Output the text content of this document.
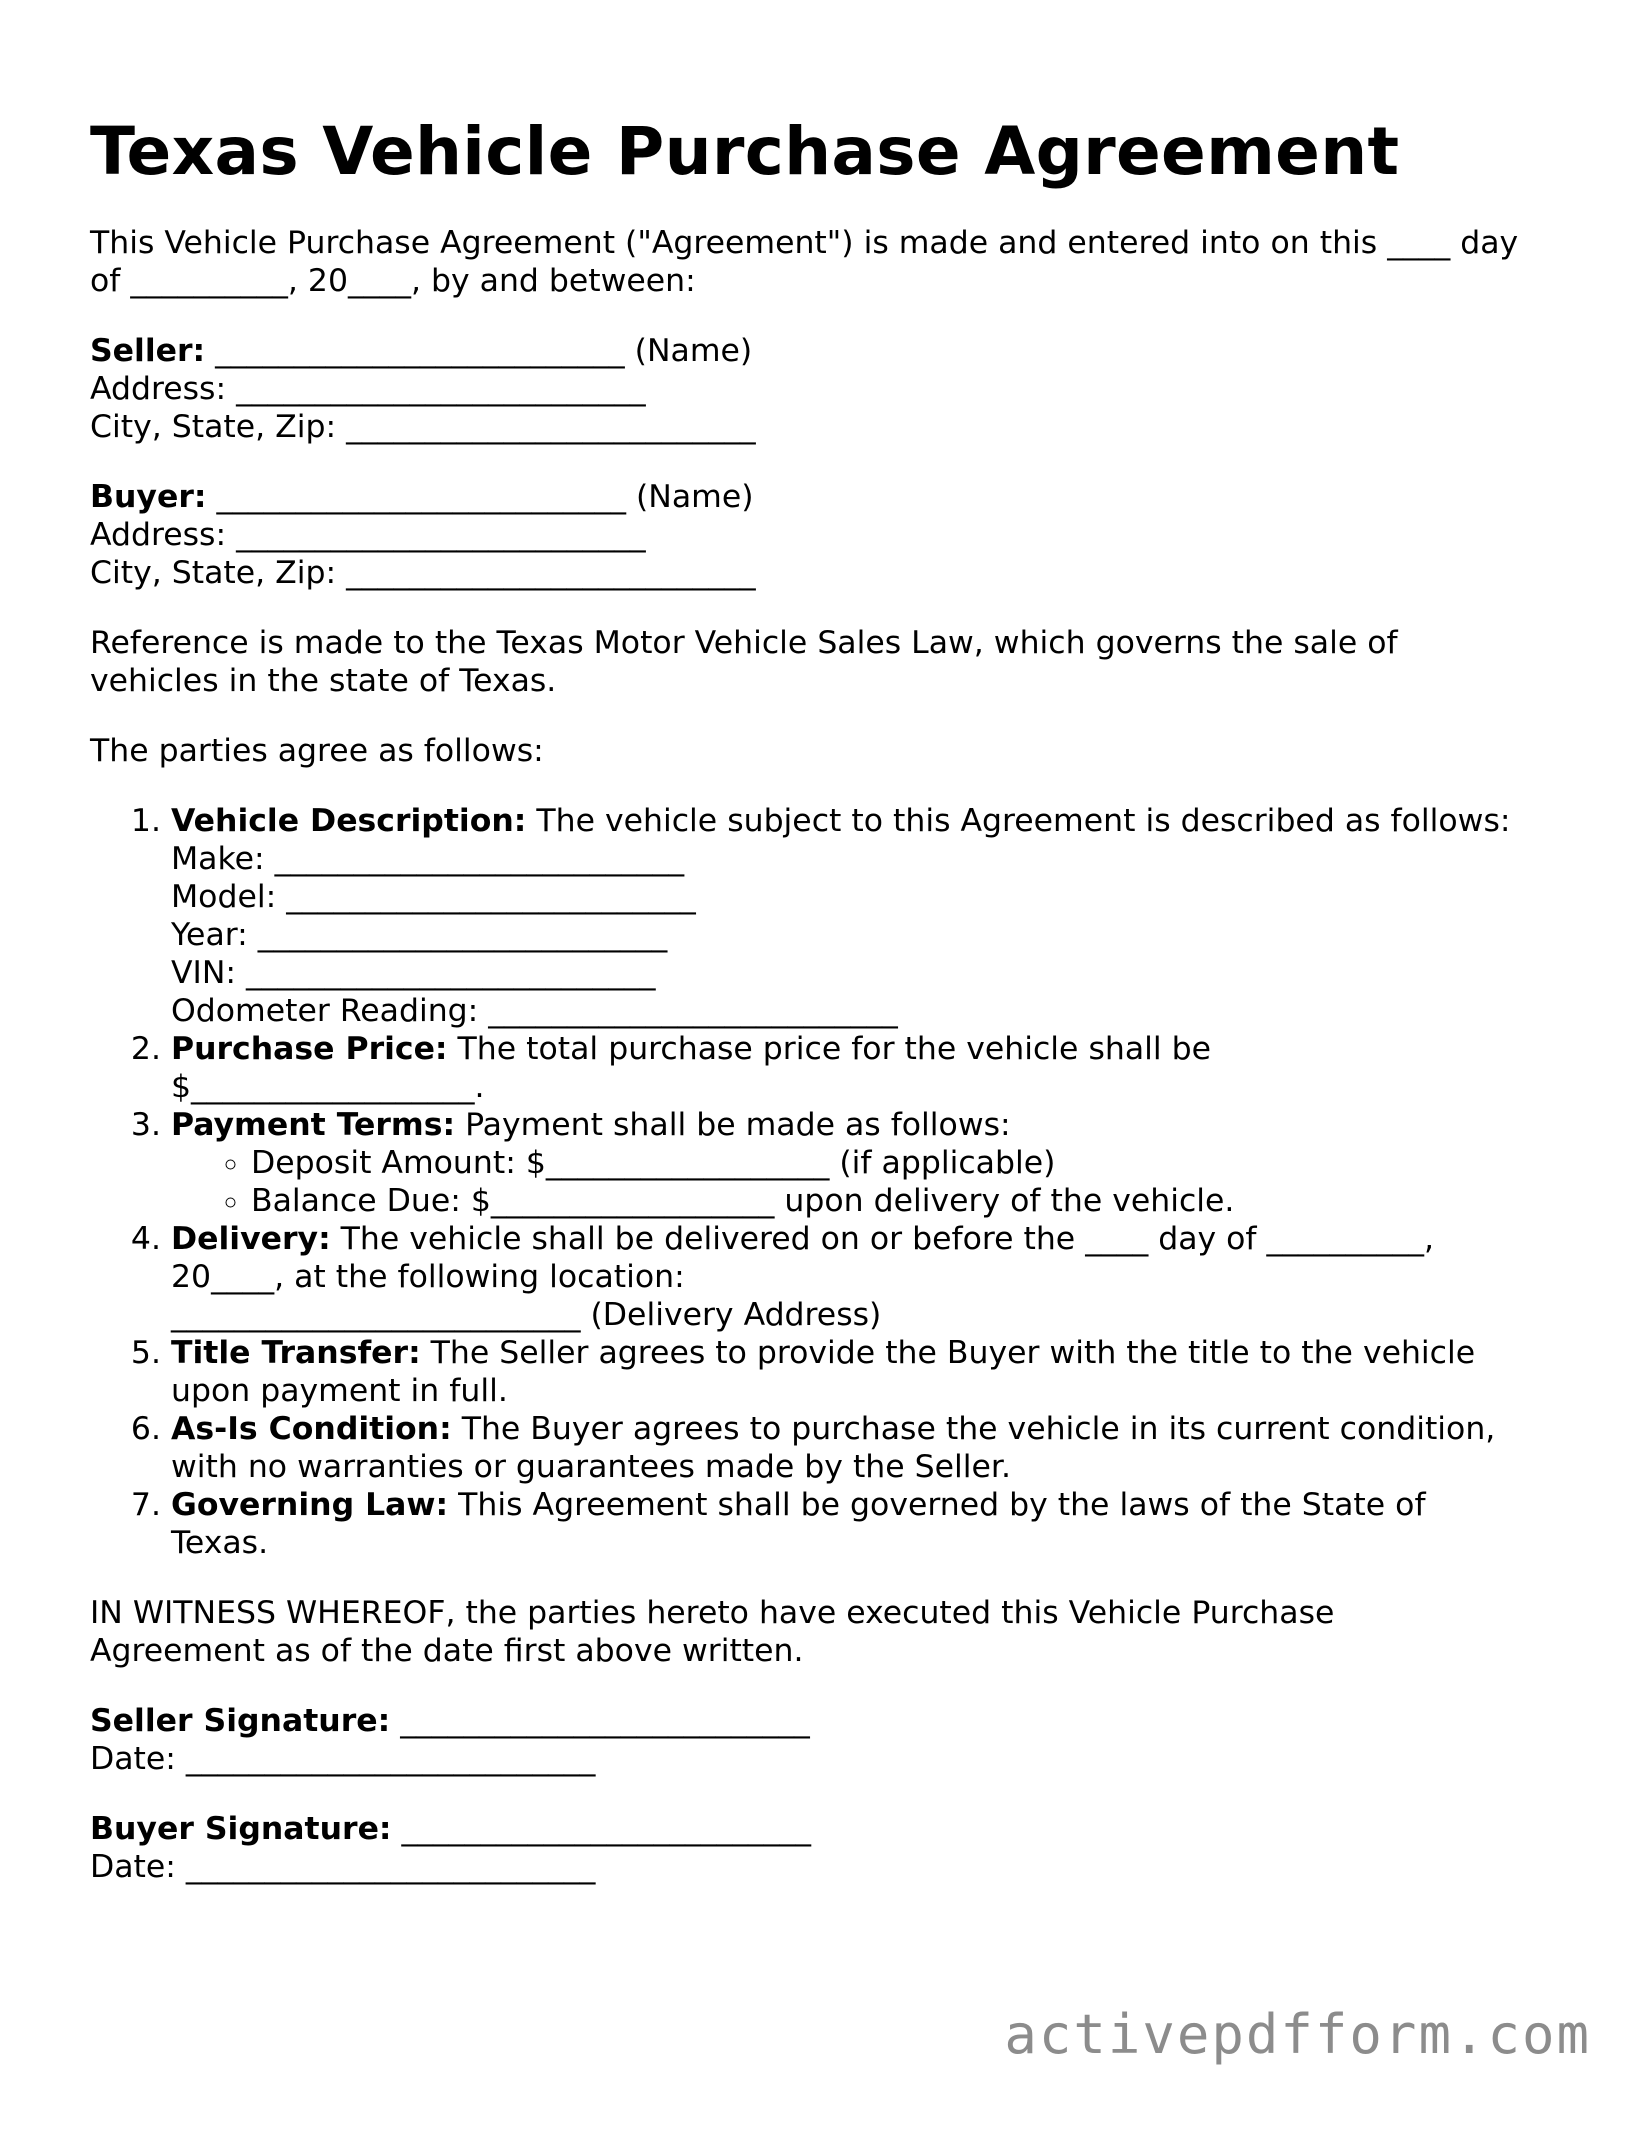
Texas Vehicle Purchase Agreement

This Vehicle Purchase Agreement ("Agreement") is made and entered into on this ____ day
of __________, 20____, by and between:

Seller: __________________________ (Name)
Address: __________________________
City, State, Zip: __________________________
Buyer: __________________________ (Name)
Address: __________________________
City, State, Zip: __________________________

Reference is made to the Texas Motor Vehicle Sales Law, which governs the sale of
vehicles in the state of Texas.

The parties agree as follows:

1. Vehicle Description: The vehicle subject to this Agreement is described as follows:
Make: __________________________
Model: __________________________
Year: __________________________
VIN: __________________________
Odometer Reading: __________________________
2. Purchase Price: The total purchase price for the vehicle shall be
$__________________.
3. Payment Terms: Payment shall be made as follows:
◦ Deposit Amount: $__________________ (if applicable)
◦ Balance Due: $__________________ upon delivery of the vehicle.
4. Delivery: The vehicle shall be delivered on or before the ____ day of __________,
20____, at the following location:
__________________________ (Delivery Address)
5. Title Transfer: The Seller agrees to provide the Buyer with the title to the vehicle
upon payment in full.
6. As-Is Condition: The Buyer agrees to purchase the vehicle in its current condition,
with no warranties or guarantees made by the Seller.
7. Governing Law: This Agreement shall be governed by the laws of the State of
Texas.

IN WITNESS WHEREOF, the parties hereto have executed this Vehicle Purchase
Agreement as of the date first above written.

Seller Signature: __________________________
Date: __________________________
Buyer Signature: __________________________
Date: __________________________
activepdfform.com
